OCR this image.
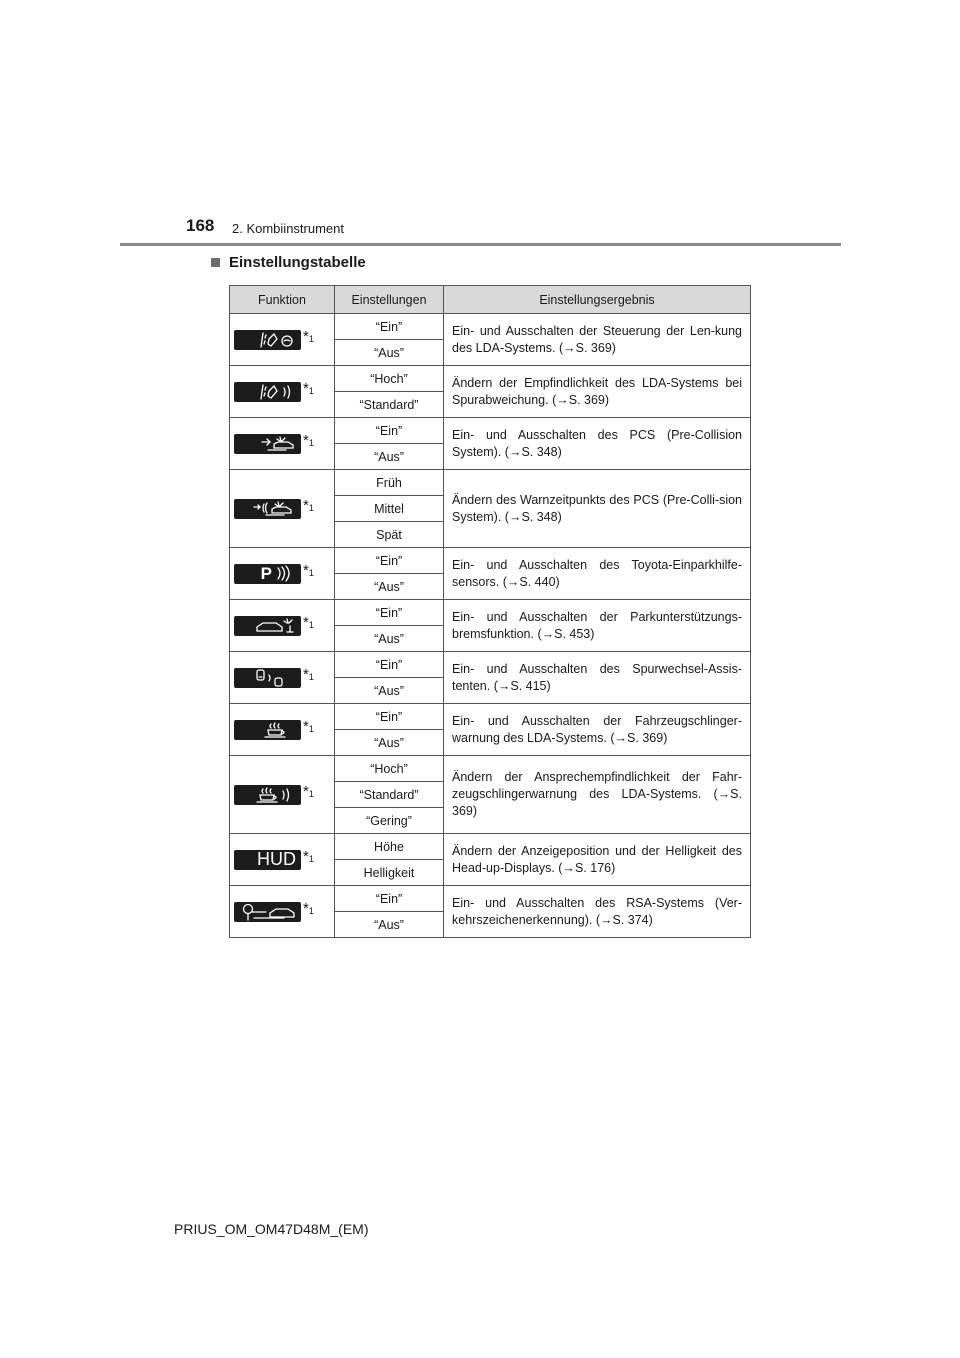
168 2. Kombiinstrument
Einstellungstabelle
Funktion	Einstellungen	Einstellungsergebnis

$*_1$	“Ein”	Ein- und Ausschalten der Steuerung der Len-kung des LDA-Systems. (→S. 369)
	“Aus”	

$*_1$	“Hoch”	Ändern der Empfindlichkeit des LDA-Systems bei Spurabweichung. (→S. 369)
	“Standard”	

$*_1$	“Ein”	Ein- und Ausschalten des PCS (Pre-Collision System). (→S. 348)
	“Aus”	

$*_1$	Früh	Ändern des Warnzeitpunkts des PCS (Pre-Colli-sion System). (→S. 348)
	Mittel	
	Spät	

P $*_1$	“Ein”	Ein- und Ausschalten des Toyota-Einparkhilfe-sensors. (→S. 440)
	“Aus”	

$*_1$	“Ein”	Ein- und Ausschalten der Parkunterstützungs-bremsfunktion. (→S. 453)
	“Aus”	

$*_1$	“Ein”	Ein- und Ausschalten des Spurwechsel-Assis-tenten. (→S. 415)
	“Aus”	

$*_1$	“Ein”	Ein- und Ausschalten der Fahrzeugschlinger-warnung des LDA-Systems. (→S. 369)
	“Aus”	

$*_1$	“Hoch”	Ändern der Ansprechempfindlichkeit der Fahr-zeugschlingerwarnung des LDA-Systems. (→S. 369)
	“Standard”	
	“Gering”	

HUD $*_1$	Höhe	Ändern der Anzeigeposition und der Helligkeit des Head-up-Displays. (→S. 176)
	Helligkeit	

$*_1$	“Ein”	Ein- und Ausschalten des RSA-Systems (Ver-kehrszeichenerkennung). (→S. 374)
	“Aus”	
PRIUS_OM_OM47D48M_(EM)
